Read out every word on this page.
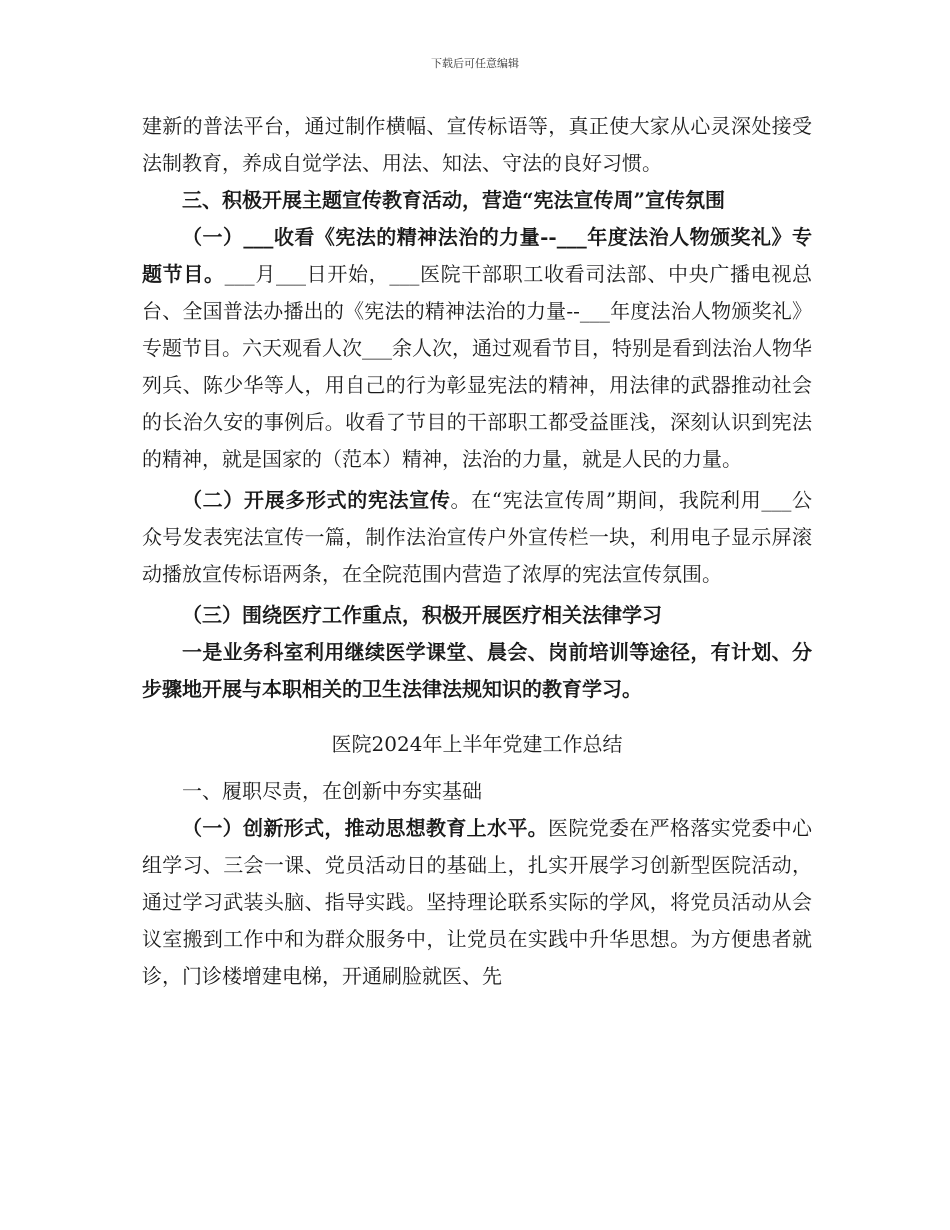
下载后可任意编辑

建新的普法平台，通过制作横幅、宣传标语等，真正使大家从心灵深处接受法制教育，养成自觉学法、用法、知法、守法的良好习惯。

三、积极开展主题宣传教育活动，营造“宪法宣传周”宣传氛围

（一）___收看《宪法的精神法治的力量--___年度法治人物颁奖礼》专题节目。___月___日开始，___医院干部职工收看司法部、中央广播电视总台、全国普法办播出的《宪法的精神法治的力量--___年度法治人物颁奖礼》专题节目。六天观看人次___余人次，通过观看节目，特别是看到法治人物华列兵、陈少华等人，用自己的行为彰显宪法的精神，用法律的武器推动社会的长治久安的事例后。收看了节目的干部职工都受益匪浅，深刻认识到宪法的精神，就是国家的（范本）精神，法治的力量，就是人民的力量。

（二）开展多形式的宪法宣传。在“宪法宣传周”期间，我院利用___公众号发表宪法宣传一篇，制作法治宣传户外宣传栏一块，利用电子显示屏滚动播放宣传标语两条，在全院范围内营造了浓厚的宪法宣传氛围。

（三）围绕医疗工作重点，积极开展医疗相关法律学习

一是业务科室利用继续医学课堂、晨会、岗前培训等途径，有计划、分步骤地开展与本职相关的卫生法律法规知识的教育学习。

医院2024年上半年党建工作总结

一、履职尽责，在创新中夯实基础

（一）创新形式，推动思想教育上水平。医院党委在严格落实党委中心组学习、三会一课、党员活动日的基础上，扎实开展学习创新型医院活动，通过学习武装头脑、指导实践。坚持理论联系实际的学风，将党员活动从会议室搬到工作中和为群众服务中，让党员在实践中升华思想。为方便患者就诊，门诊楼增建电梯，开通刷脸就医、先
